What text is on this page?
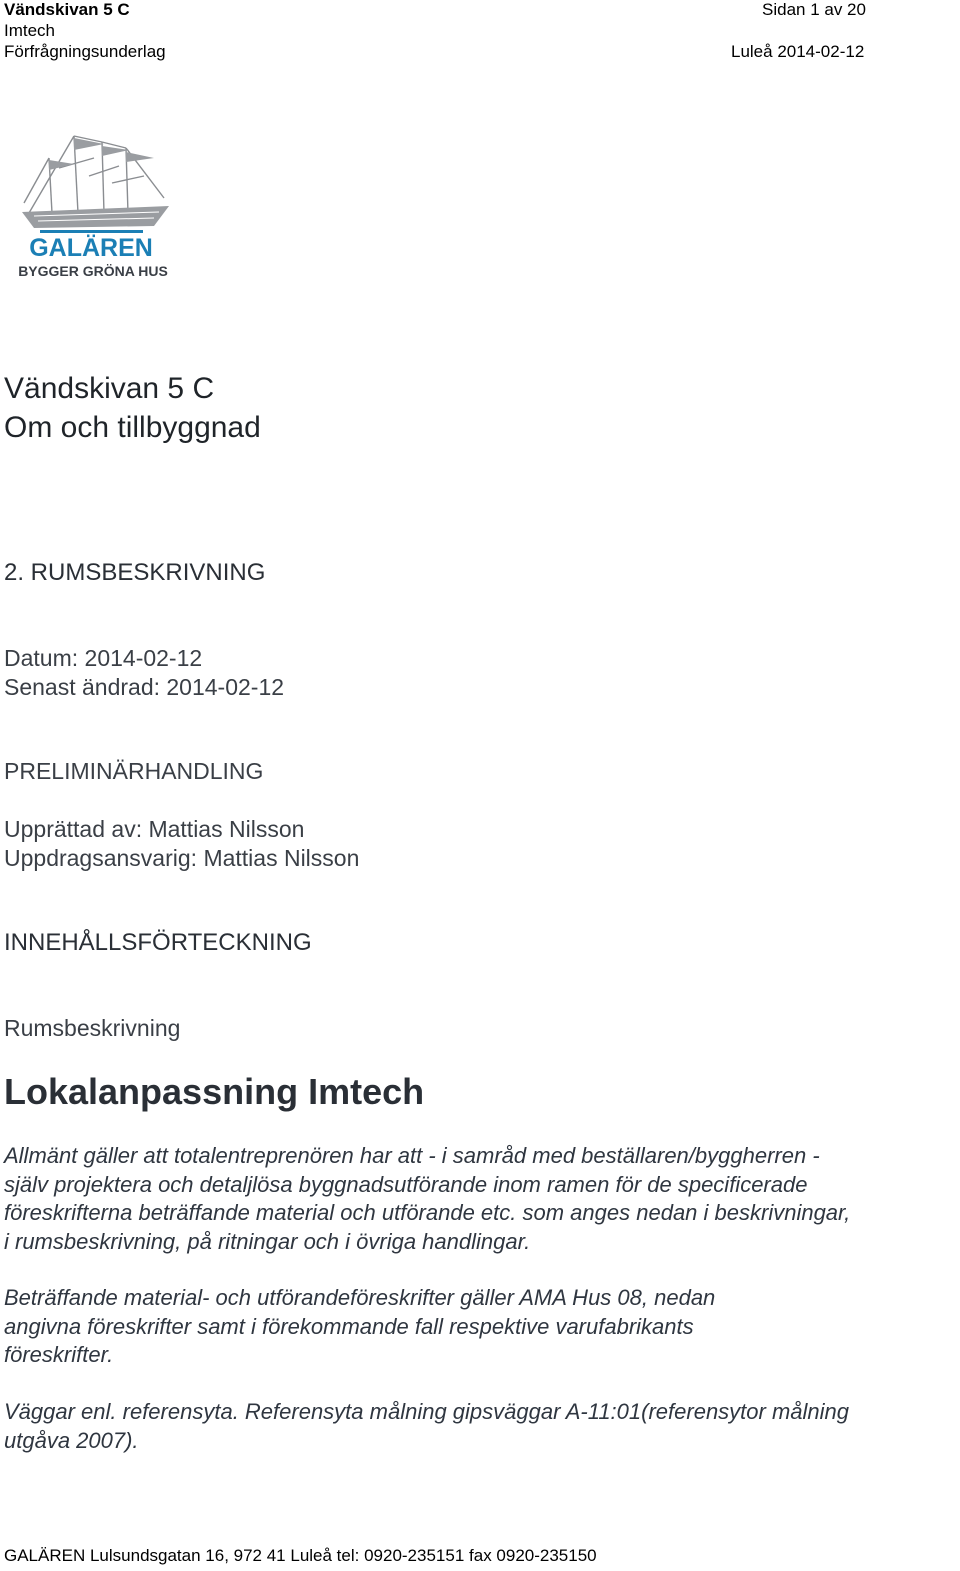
Vändskivan 5 C
Imtech
Förfrågningsunderlag
Sidan 1 av 20
Luleå 2014-02-12
GALÄREN
BYGGER GRÖNA HUS
Vändskivan 5 C
Om och tillbyggnad
2. RUMSBESKRIVNING
Datum: 2014-02-12
Senast ändrad: 2014-02-12
PRELIMINÄRHANDLING
Upprättad av: Mattias Nilsson
Uppdragsansvarig: Mattias Nilsson
INNEHÅLLSFÖRTECKNING
Rumsbeskrivning
Lokalanpassning Imtech
Allmänt gäller att totalentreprenören har att - i samråd med beställaren/byggherren -
själv projektera och detaljlösa byggnadsutförande inom ramen för de specificerade
föreskrifterna beträffande material och utförande etc. som anges nedan i beskrivningar,
i rumsbeskrivning, på ritningar och i övriga handlingar.
Beträffande material- och utförandeföreskrifter gäller AMA Hus 08, nedan
angivna föreskrifter samt i förekommande fall respektive varufabrikants
föreskrifter.
Väggar enl. referensyta. Referensyta målning gipsväggar A-11:01(referensytor målning
utgåva 2007).
GALÄREN Lulsundsgatan 16, 972 41 Luleå tel: 0920-235151 fax 0920-235150
